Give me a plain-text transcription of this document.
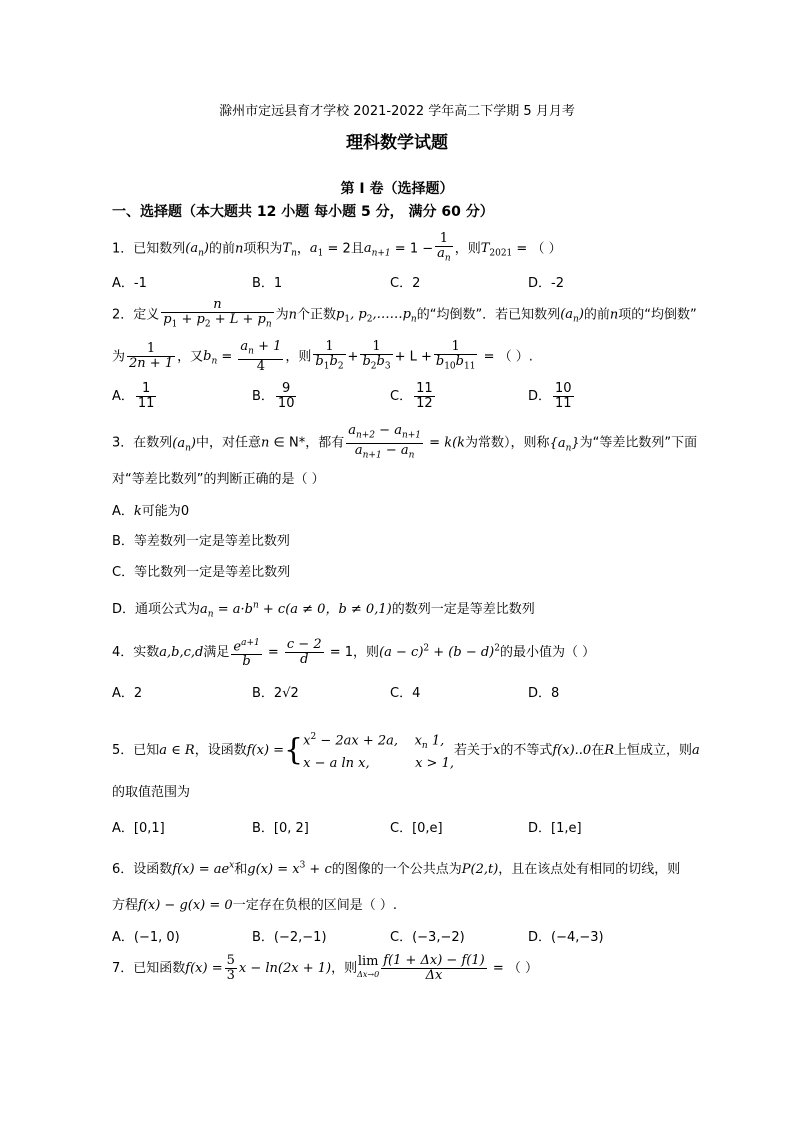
滁州市定远县育才学校 2021-2022 学年高二下学期 5 月月考
理科数学试题
第 I 卷（选择题）
一、选择题（本大题共 12 小题 每小题 5 分， 满分 60 分）
1．已知数列$(a_n)$的前n项积为$T_n$，$a_1 = 2$且$a_{n+1} = 1 - \frac{1}{a_n}$ ，则$T_{2021}$ = （ ）
A．-1	B．1	C．2	D．-2
2．定义 $\frac{n}{p_1 + p_2 + L + p_n}$ 为n个正数$p_1$, $p_2,\dots\dots p_n$的“均倒数”．若已知数列$(a_n)$的前n项的“均倒数”
为 $\frac{1}{2n + 1}$ ，又$b_n = \frac{a_n + 1}{4}$ ，则 $\frac{1}{b_1b_2} + \frac{1}{b_2b_3} + L + \frac{1}{b_{10}b_{11}}$ = （ ）.
A． $\frac{1}{11}$	B． $\frac{9}{10}$	C． $\frac{11}{12}$	D． $\frac{10}{11}$
3．在数列$(a_n)$中，对任意n ∈ N*，都有 $\frac{a_{n+2} - a_{n+1}}{a_{n+1} - a_n} = k(k$为常数），则称$\{a_n\}$为“等差比数列”下面
对“等差比数列”的判断正确的是（ ）
A．k可能为0
B．等差数列一定是等差比数列
C．等比数列一定是等差比数列
D．通项公式为$a_n = a\cdot b^n + c(a \ne 0$，b ≠ 0,1)的数列一定是等差比数列
4．实数a,b,c,d满足 $\frac{e^{a+1}}{b} = \frac{c - 2}{d} = 1$，则$(a - c)^2 + (b - d)^2$的最小值为（ ）
A．2	B．2√2	C．4	D．8
5．已知a ∈ R，设函数$f(x) =\{x^2 - 2ax + 2a$,    $x_n$ 1,
x − a ln x,           x > 1,若关于x的不等式f(x)..0在R上恒成立，则a
的取值范围为
A．[0,1]	B．[0, 2]	C．[0,e]	D．[1,e]
6．设函数$f(x) = ae^x$和$g(x) = x^3 + c$的图像的一个公共点为P(2,t)，且在该点处有相同的切线，则
方程f(x) − g(x) = 0一定存在负根的区间是（ ）.
A．(−1, 0)	B．(−2,−1)	C．(−3,−2)	D．(−4,−3)
7．已知函数$f(x) = \frac{5}{3}$ x − ln(2x + 1)，则lim
$\Delta x\to 0 \frac{f(1 + \Delta x) - f(1)}{\Delta x}$ = （ ）
